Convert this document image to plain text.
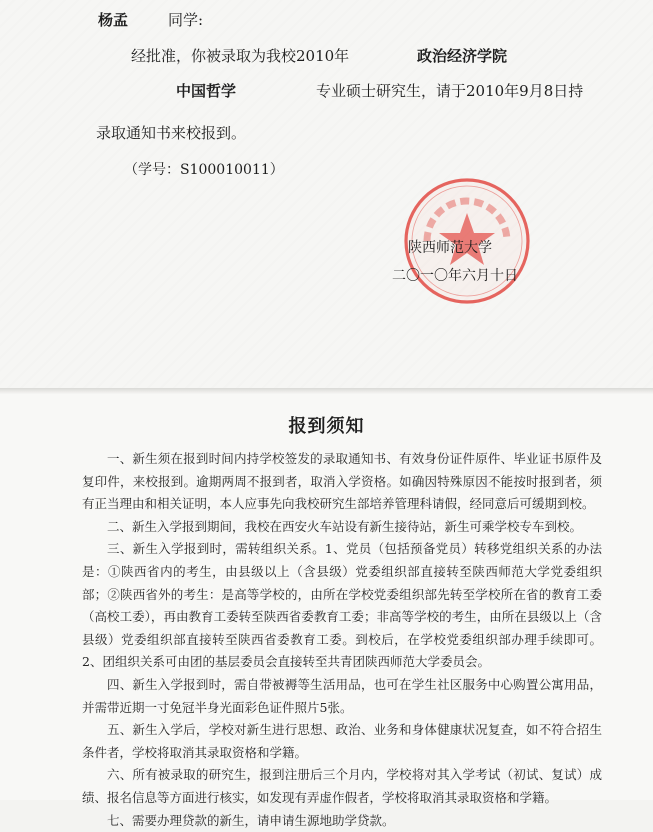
杨孟	同学:
经批准，你被录取为我校2010年	政治经济学院
中国哲学	专业硕士研究生，请于2010年9月8日持
录取通知书来校报到。
（学号：S100010011）
陕西师范大学
二〇一〇年六月十日
报到须知

一、新生须在报到时间内持学校签发的录取通知书、有效身份证件原件、毕业证书原件及复印件，来校报到。逾期两周不报到者，取消入学资格。如确因特殊原因不能按时报到者，须有正当理由和相关证明，本人应事先向我校研究生部培养管理科请假，经同意后可缓期到校。

二、新生入学报到期间，我校在西安火车站设有新生接待站，新生可乘学校专车到校。

三、新生入学报到时，需转组织关系。1、党员（包括预备党员）转移党组织关系的办法是：①陕西省内的考生，由县级以上（含县级）党委组织部直接转至陕西师范大学党委组织部；②陕西省外的考生：是高等学校的，由所在学校党委组织部先转至学校所在省的教育工委（高校工委），再由教育工委转至陕西省委教育工委；非高等学校的考生，由所在县级以上（含县级）党委组织部直接转至陕西省委教育工委。到校后，在学校党委组织部办理手续即可。2、团组织关系可由团的基层委员会直接转至共青团陕西师范大学委员会。

四、新生入学报到时，需自带被褥等生活用品，也可在学生社区服务中心购置公寓用品，并需带近期一寸免冠半身光面彩色证件照片5张。

五、新生入学后，学校对新生进行思想、政治、业务和身体健康状况复查，如不符合招生条件者，学校将取消其录取资格和学籍。

六、所有被录取的研究生，报到注册后三个月内，学校将对其入学考试（初试、复试）成绩、报名信息等方面进行核实，如发现有弄虚作假者，学校将取消其录取资格和学籍。

七、需要办理贷款的新生，请申请生源地助学贷款。
